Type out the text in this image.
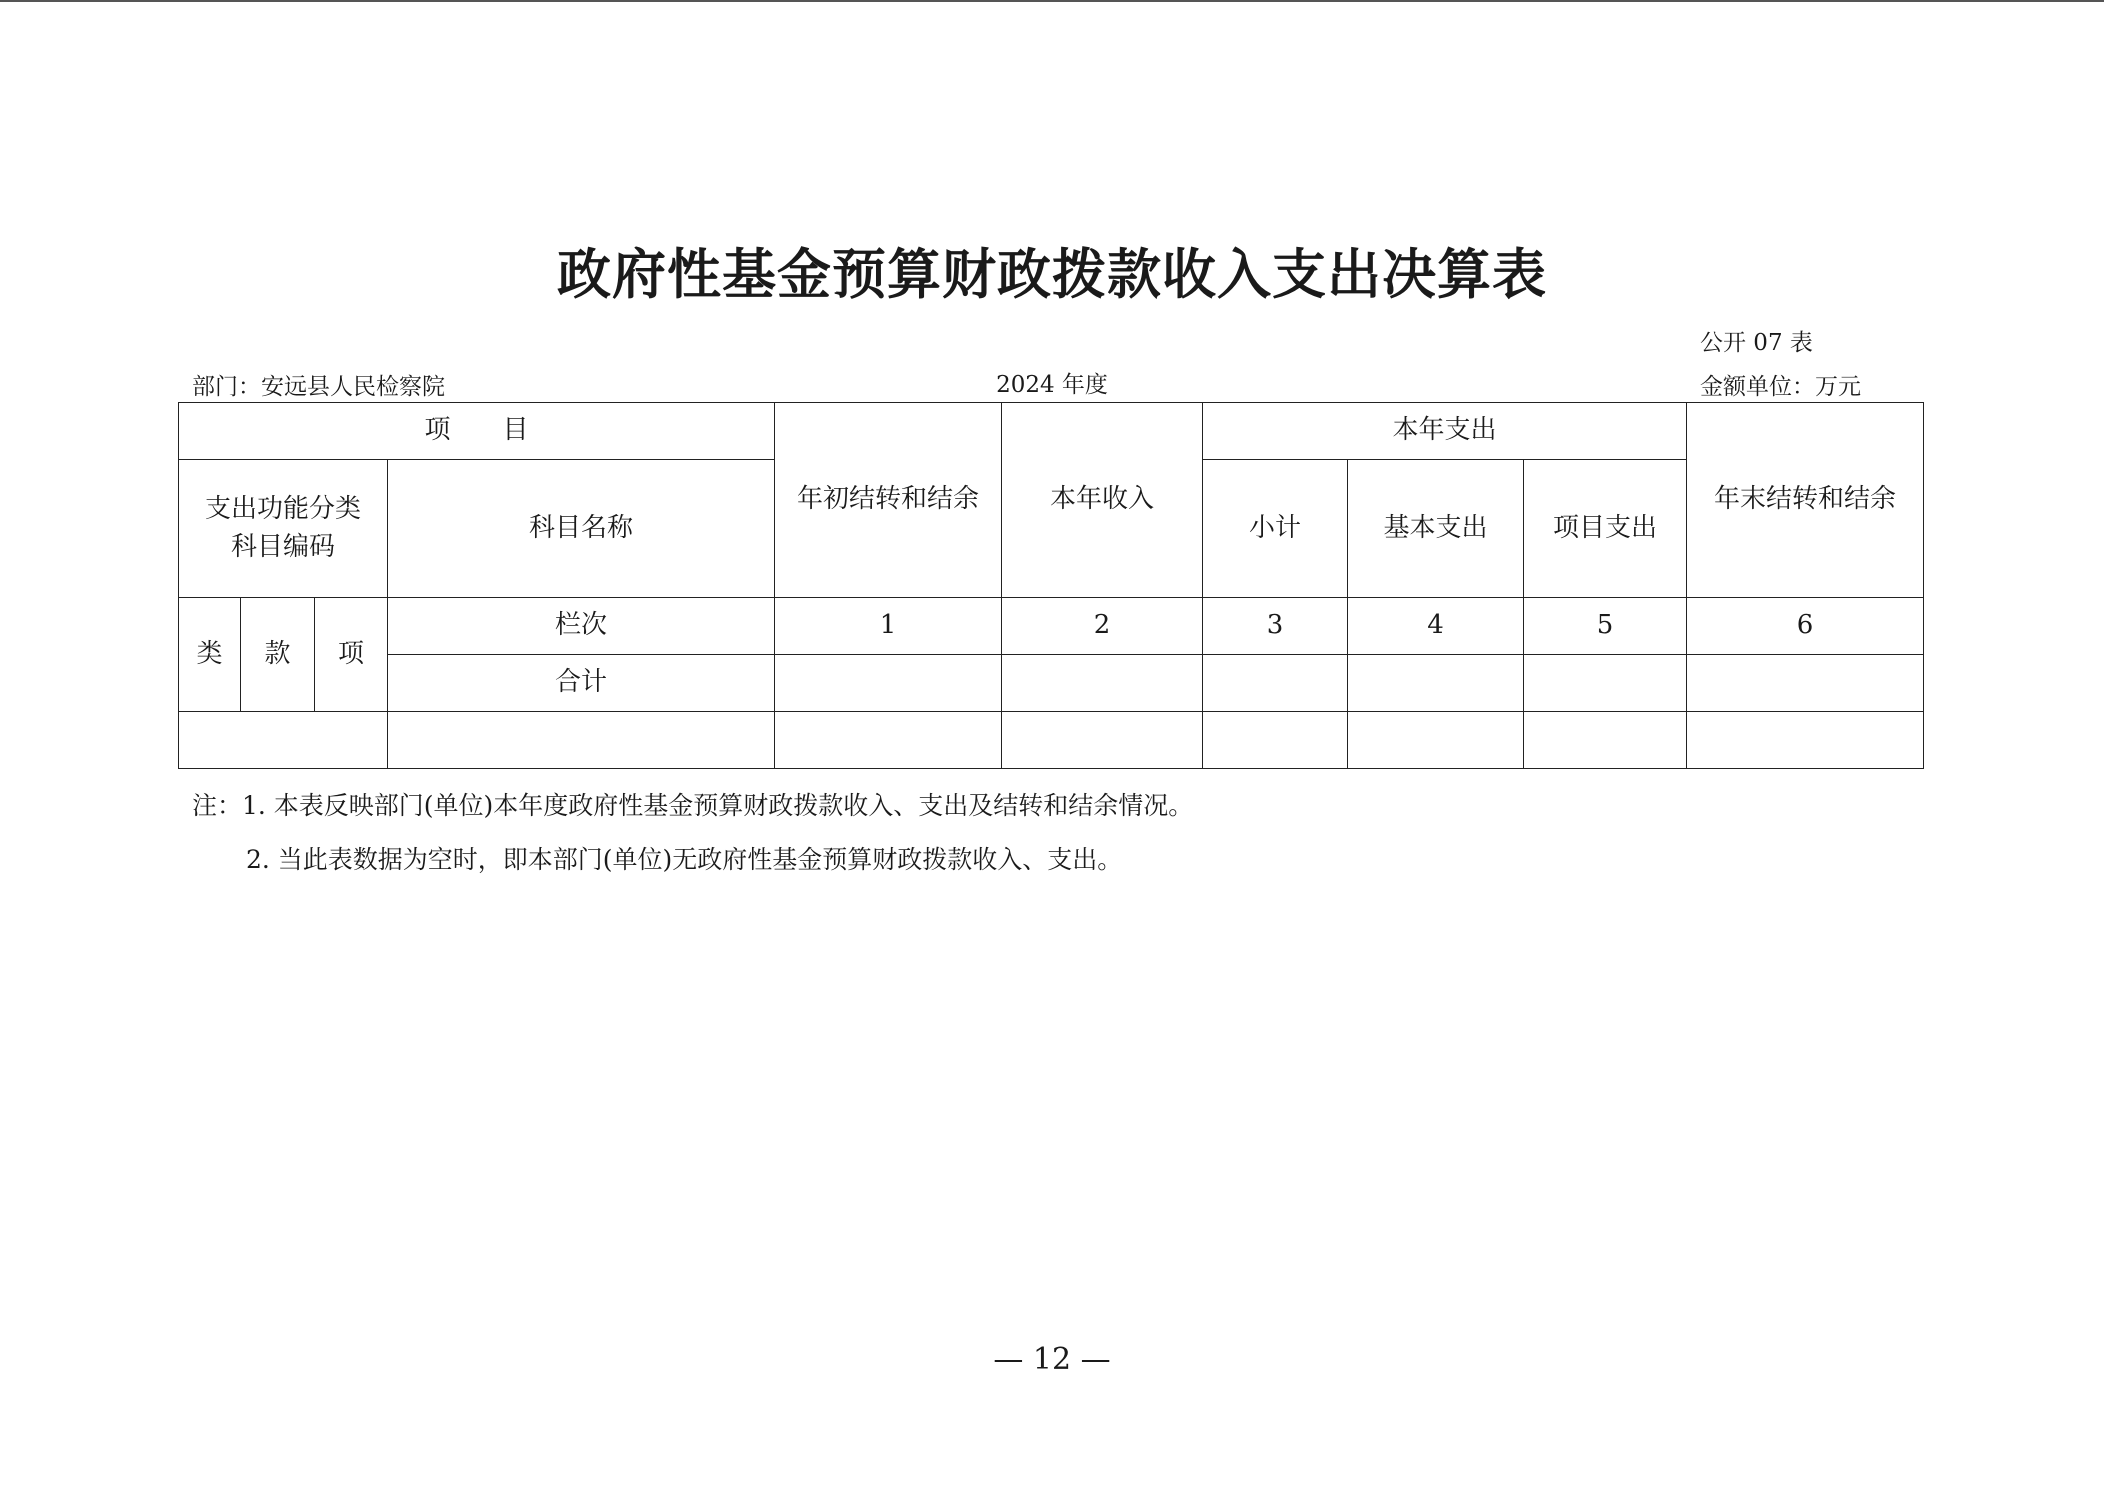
政府性基金预算财政拨款收入支出决算表
公开 07 表
部门：安远县人民检察院	2024 年度	金额单位：万元
项　　目				年初结转和结余	本年收入	本年支出			年末结转和结余
支出功能分类
科目编码			科目名称			小计	基本支出	项目支出	
类	款	项	栏次	1	2	3	4	5	6
			合计						

注：1. 本表反映部门(单位)本年度政府性基金预算财政拨款收入、支出及结转和结余情况。
2. 当此表数据为空时，即本部门(单位)无政府性基金预算财政拨款收入、支出。
— 12 —
